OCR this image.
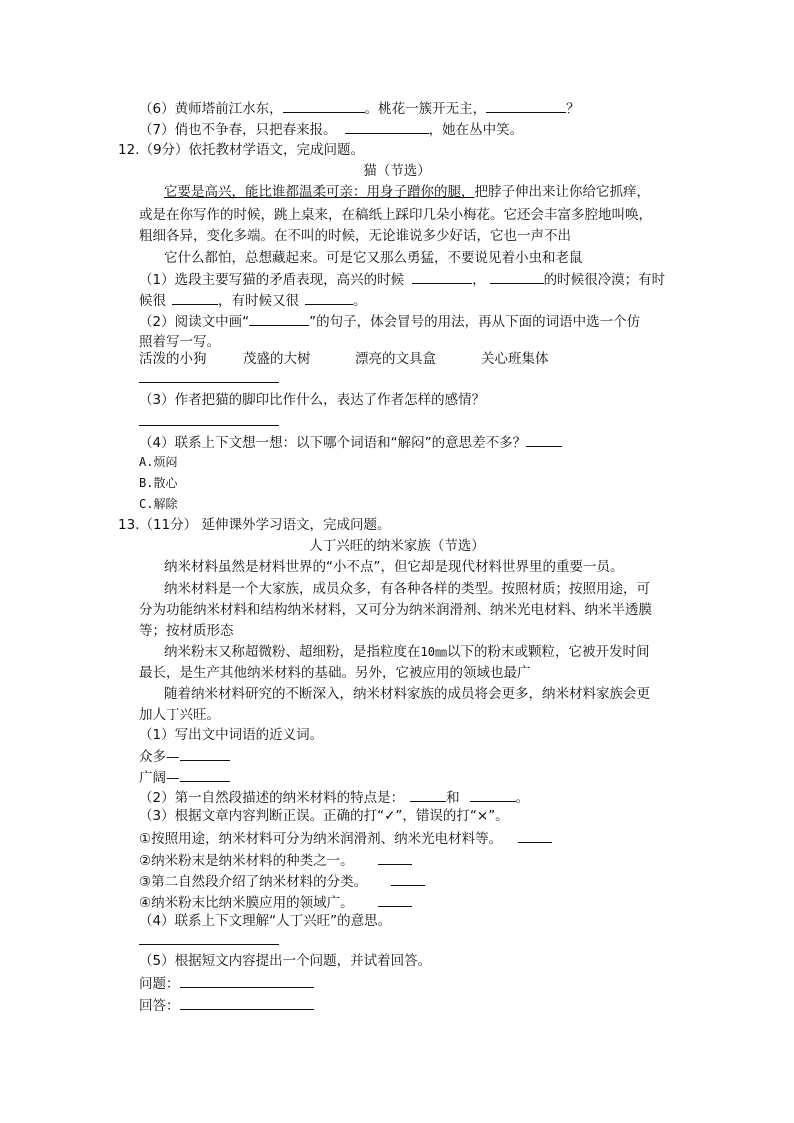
（6）黄师塔前江水东，	。桃花一簇开无主，	？
（7）俏也不争春，只把春来报。	，她在丛中笑。
12.（9分）依托教材学语文，完成问题。
猫（节选）
它要是高兴，能比谁都温柔可亲：用身子蹭你的腿，把脖子伸出来让你给它抓痒，
或是在你写作的时候，跳上桌来，在稿纸上踩印几朵小梅花。它还会丰富多腔地叫唤，
粗细各异，变化多端。在不叫的时候，无论谁说多少好话，它也一声不出
它什么都怕，总想藏起来。可是它又那么勇猛，不要说见着小虫和老鼠
（1）选段主要写猫的矛盾表现，高兴的时候	，	的时候很冷漠；有时
候很	，有时候又很	。
（2）阅读文中画“	”的句子，体会冒号的用法，再从下面的词语中选一个仿
照着写一写。
活泼的小狗	茂盛的大树	漂亮的文具盒	关心班集体
（3）作者把猫的脚印比作什么，表达了作者怎样的感情？
（4）联系上下文想一想：以下哪个词语和“解闷”的意思差不多？
A.烦闷
B.散心
C.解除
13.（11分） 延伸课外学习语文，完成问题。
人丁兴旺的纳米家族（节选）
纳米材料虽然是材料世界的“小不点”，但它却是现代材料世界里的重要一员。
纳米材料是一个大家族，成员众多，有各种各样的类型。按照材质；按照用途，可
分为功能纳米材料和结构纳米材料，又可分为纳米润滑剂、纳米光电材料、纳米半透膜
等；按材质形态
纳米粉末又称超微粉、超细粉，是指粒度在10㎜以下的粉末或颗粒，它被开发时间
最长，是生产其他纳米材料的基础。另外，它被应用的领域也最广
随着纳米材料研究的不断深入，纳米材料家族的成员将会更多，纳米材料家族会更
加人丁兴旺。
（1）写出文中词语的近义词。
众多—
广阔—
（2）第一自然段描述的纳米材料的特点是：	和	。
（3）根据文章内容判断正误。正确的打“✓”，错误的打“×”。
①按照用途，纳米材料可分为纳米润滑剂、纳米光电材料等。
②纳米粉末是纳米材料的种类之一。
③第二自然段介绍了纳米材料的分类。
④纳米粉末比纳米膜应用的领域广。
（4）联系上下文理解“人丁兴旺”的意思。
（5）根据短文内容提出一个问题，并试着回答。
问题：
回答：
